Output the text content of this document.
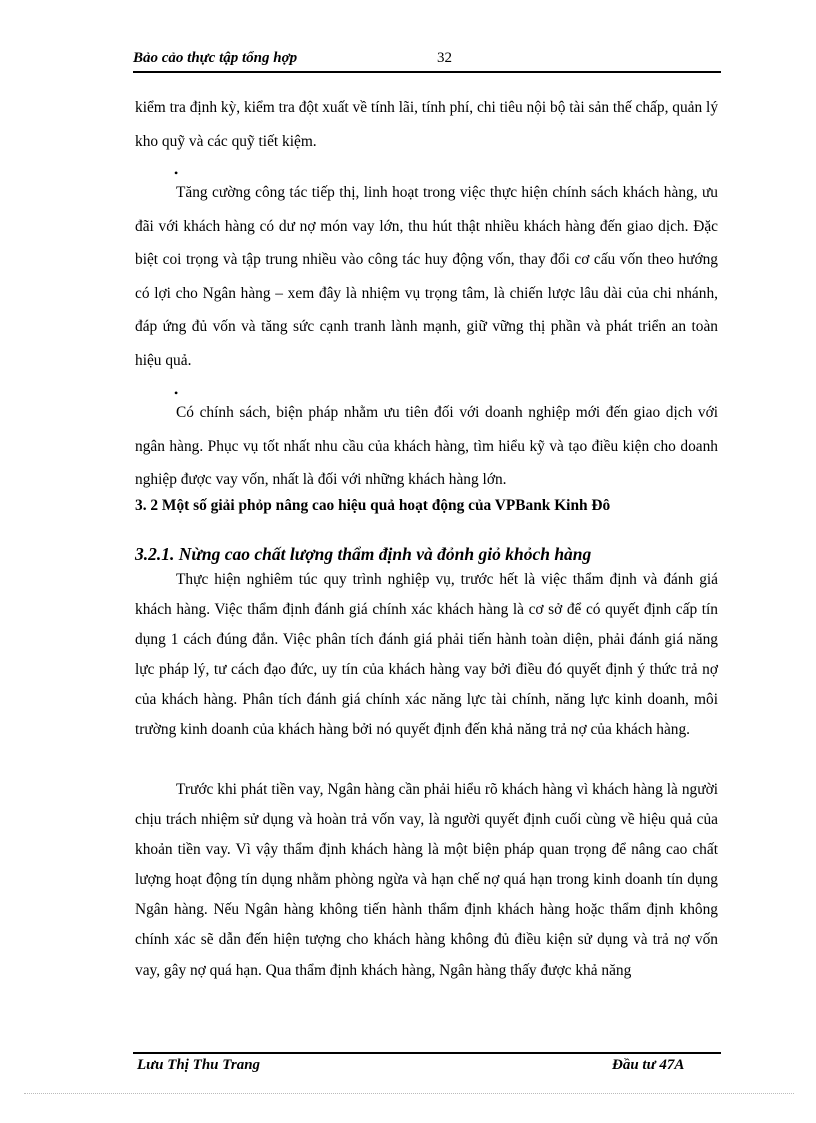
Bảo cảo thực tập tổng hợp	32

kiểm tra định kỳ, kiểm tra đột xuất về tính lãi, tính phí, chi tiêu nội bộ tài sản thế chấp, quản lý kho quỹ và các quỹ tiết kiệm.

•

Tăng cường công tác tiếp thị, linh hoạt trong việc thực hiện chính sách khách hàng, ưu đãi với khách hàng có dư nợ món vay lớn, thu hút thật nhiều khách hàng đến giao dịch. Đặc biệt coi trọng và tập trung nhiều vào công tác huy động vốn, thay đổi cơ cấu vốn theo hướng có lợi cho Ngân hàng – xem đây là nhiệm vụ trọng tâm, là chiến lược lâu dài của chi nhánh, đáp ứng đủ vốn và tăng sức cạnh tranh lành mạnh, giữ vững thị phần và phát triển an toàn hiệu quả.

•

Có chính sách, biện pháp nhằm ưu tiên đối với doanh nghiệp mới đến giao dịch với ngân hàng. Phục vụ tốt nhất nhu cầu của khách hàng, tìm hiểu kỹ và tạo điều kiện cho doanh nghiệp được vay vốn, nhất là đối với những khách hàng lớn.

3. 2 Một số giải phỏp nâng cao hiệu quả hoạt động của VPBank Kinh Đô
3.2.1. Nừng cao chất lượng thẩm định và đỏnh giỏ khỏch hàng

Thực hiện nghiêm túc quy trình nghiệp vụ, trước hết là việc thẩm định và đánh giá khách hàng. Việc thẩm định đánh giá chính xác khách hàng là cơ sở để có quyết định cấp tín dụng 1 cách đúng đắn. Việc phân tích đánh giá phải tiến hành toàn diện, phải đánh giá năng lực pháp lý, tư cách đạo đức, uy tín của khách hàng vay bởi điều đó quyết định ý thức trả nợ của khách hàng. Phân tích đánh giá chính xác năng lực tài chính, năng lực kinh doanh, môi trường kinh doanh của khách hàng bởi nó quyết định đến khả năng trả nợ của khách hàng.

Trước khi phát tiền vay, Ngân hàng cần phải hiểu rõ khách hàng vì khách hàng là người chịu trách nhiệm sử dụng và hoàn trả vốn vay, là người quyết định cuối cùng về hiệu quả của khoản tiền vay. Vì vậy thẩm định khách hàng là một biện pháp quan trọng để nâng cao chất lượng hoạt động tín dụng nhằm phòng ngừa và hạn chế nợ quá hạn trong kinh doanh tín dụng Ngân hàng. Nếu Ngân hàng không tiến hành thẩm định khách hàng hoặc thẩm định không chính xác sẽ dẫn đến hiện tượng cho khách hàng không đủ điều kiện sử dụng và trả nợ vốn vay, gây nợ quá hạn. Qua thẩm định khách hàng, Ngân hàng thấy được khả năng

Lưu Thị Thu Trang	Đầu tư 47A
